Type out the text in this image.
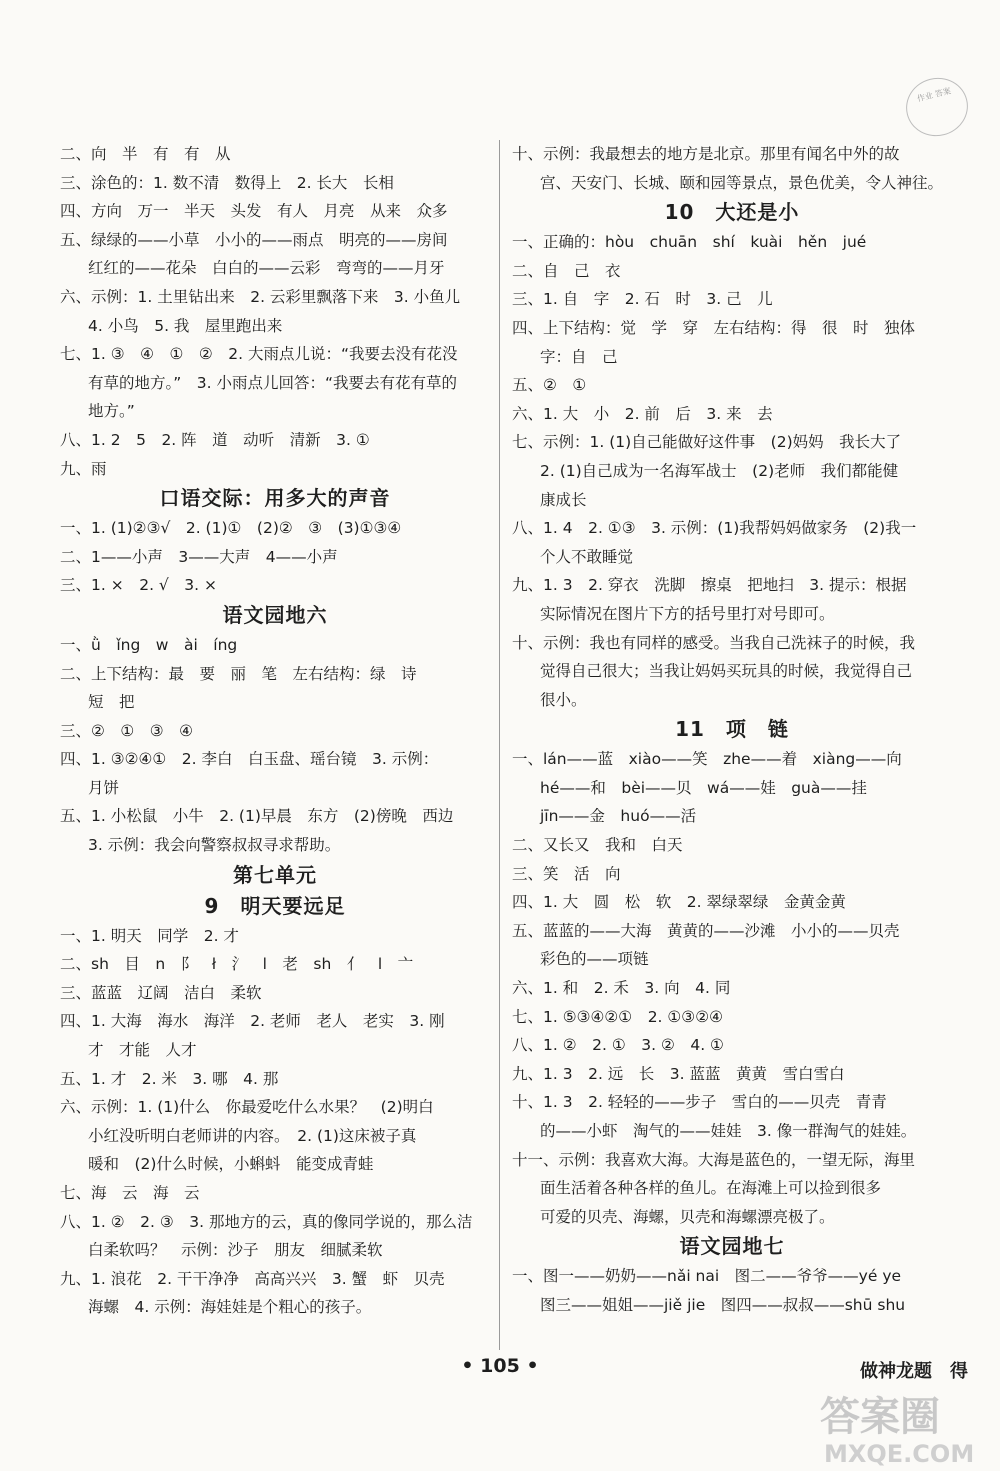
作业 答案
二、向　半　有　有　从
三、涂色的：1. 数不清　数得上　2. 长大　长相
四、方向　万一　半天　头发　有人　月亮　从来　众多
五、绿绿的——小草　小小的——雨点　明亮的——房间
红红的——花朵　白白的——云彩　弯弯的——月牙
六、示例：1. 土里钻出来　2. 云彩里飘落下来　3. 小鱼儿
4. 小鸟　5. 我　屋里跑出来
七、1. ③　④　①　②　2. 大雨点儿说：“我要去没有花没
有草的地方。”　3. 小雨点儿回答：“我要去有花有草的
地方。”
八、1. 2　5　2. 阵　道　动听　清新　3. ①
九、雨
口语交际：用多大的声音
一、1. (1)②③√　2. (1)①　(2)②　③　(3)①③④
二、1——小声　3——大声　4——小声
三、1. ×　2. √　3. ×
语文园地六
一、ǜ　ǐng　w　ài　íng
二、上下结构：最　要　丽　笔　左右结构：绿　诗
短　把
三、②　①　③　④
四、1. ③②④①　2. 李白　白玉盘、瑶台镜　3. 示例：
月饼
五、1. 小松鼠　小牛　2. (1)早晨　东方　(2)傍晚　西边
3. 示例：我会向警察叔叔寻求帮助。
第七单元
9　明天要远足
一、1. 明天　同学　2. 才
二、sh　目　n　阝　ł　氵　l　老　sh　亻　l　亠
三、蓝蓝　辽阔　洁白　柔软
四、1. 大海　海水　海洋　2. 老师　老人　老实　3. 刚
才　才能　人才
五、1. 才　2. 米　3. 哪　4. 那
六、示例：1. (1)什么　你最爱吃什么水果？　(2)明白
小红没听明白老师讲的内容。　2. (1)这床被子真
暖和　(2)什么时候，小蝌蚪　能变成青蛙
七、海　云　海　云
八、1. ②　2. ③　3. 那地方的云，真的像同学说的，那么洁
白柔软吗？　示例：沙子　朋友　细腻柔软
九、1. 浪花　2. 干干净净　高高兴兴　3. 蟹　虾　贝壳
海螺　4. 示例：海娃娃是个粗心的孩子。
十、示例：我最想去的地方是北京。那里有闻名中外的故
宫、天安门、长城、颐和园等景点，景色优美，令人神往。
10　大还是小
一、正确的：hòu　chuān　shí　kuài　hěn　jué
二、自　己　衣
三、1. 自　字　2. 石　时　3. 己　儿
四、上下结构：觉　学　穿　左右结构：得　很　时　独体
字：自　己
五、②　①
六、1. 大　小　2. 前　后　3. 来　去
七、示例：1. (1)自己能做好这件事　(2)妈妈　我长大了
2. (1)自己成为一名海军战士　(2)老师　我们都能健
康成长
八、1. 4　2. ①③　3. 示例：(1)我帮妈妈做家务　(2)我一
个人不敢睡觉
九、1. 3　2. 穿衣　洗脚　擦桌　把地扫　3. 提示：根据
实际情况在图片下方的括号里打对号即可。
十、示例：我也有同样的感受。当我自己洗袜子的时候，我
觉得自己很大；当我让妈妈买玩具的时候，我觉得自己
很小。
11　项　链
一、lán——蓝　xiào——笑　zhe——着　xiàng——向
hé——和　bèi——贝　wá——娃　guà——挂
jīn——金　huó——活
二、又长又　我和　白天
三、笑　活　向
四、1. 大　圆　松　软　2. 翠绿翠绿　金黄金黄
五、蓝蓝的——大海　黄黄的——沙滩　小小的——贝壳
彩色的——项链
六、1. 和　2. 禾　3. 向　4. 同
七、1. ⑤③④②①　2. ①③②④
八、1. ②　2. ①　3. ②　4. ①
九、1. 3　2. 远　长　3. 蓝蓝　黄黄　雪白雪白
十、1. 3　2. 轻轻的——步子　雪白的——贝壳　青青
的——小虾　淘气的——娃娃　3. 像一群淘气的娃娃。
十一、示例：我喜欢大海。大海是蓝色的，一望无际，海里
面生活着各种各样的鱼儿。在海滩上可以捡到很多
可爱的贝壳、海螺，贝壳和海螺漂亮极了。
语文园地七
一、图一——奶奶——nǎi nai　图二——爷爷——yé ye
图三——姐姐——jiě jie　图四——叔叔——shū shu
• 105 •	做神龙题　得
答案圈
MXQE.COM
